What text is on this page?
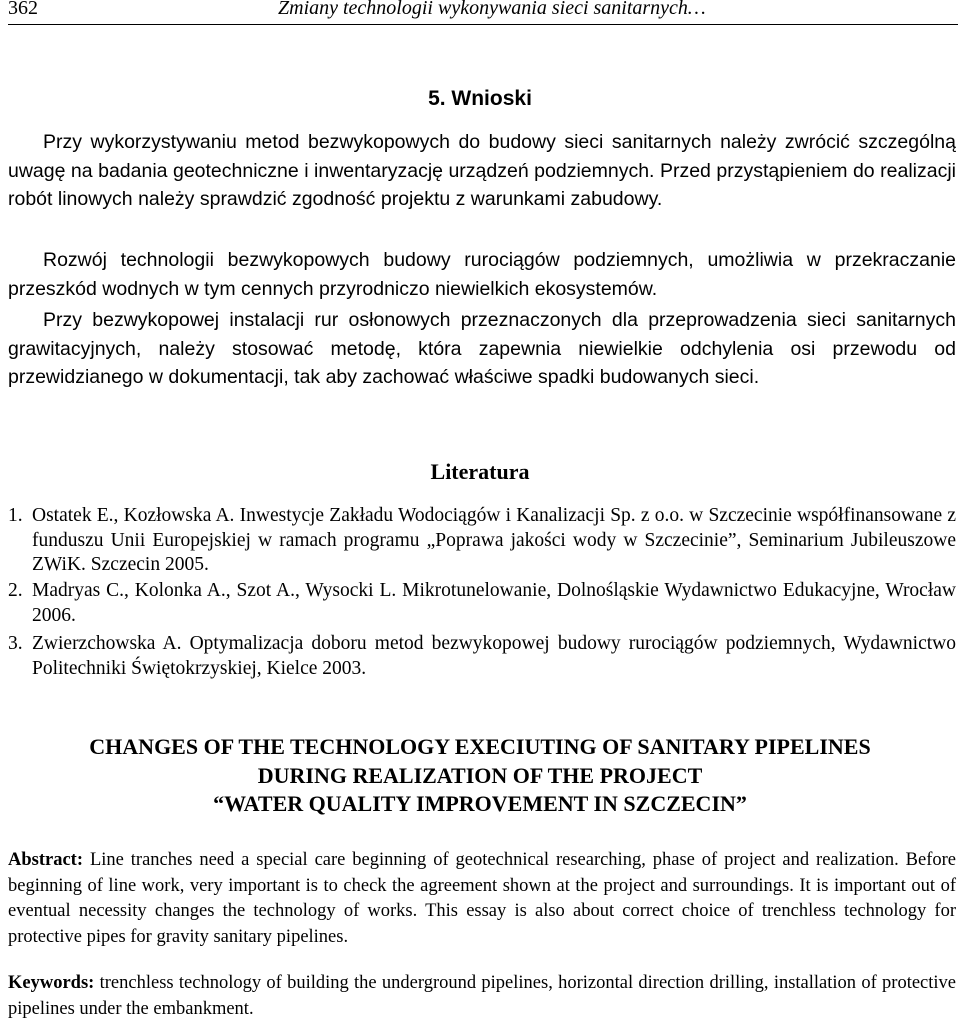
362	Zmiany technologii wykonywania sieci sanitarnych…
5. Wnioski
Przy wykorzystywaniu metod bezwykopowych do budowy sieci sanitarnych należy zwrócić szczególną uwagę na badania geotechniczne i inwentaryzację urządzeń podziemnych. Przed przystąpieniem do realizacji robót linowych należy sprawdzić zgodność projektu z warunkami zabudowy.
Rozwój technologii bezwykopowych budowy rurociągów podziemnych, umożliwia w przekraczanie przeszkód wodnych w tym cennych przyrodniczo niewielkich ekosystemów.
Przy bezwykopowej instalacji rur osłonowych przeznaczonych dla przeprowadzenia sieci sanitarnych grawitacyjnych, należy stosować metodę, która zapewnia niewielkie odchylenia osi przewodu od przewidzianego w dokumentacji, tak aby zachować właściwe spadki budowanych sieci.
Literatura
1. Ostatek E., Kozłowska A. Inwestycje Zakładu Wodociągów i Kanalizacji Sp. z o.o. w Szczecinie współfinansowane z funduszu Unii Europejskiej w ramach programu „Poprawa jakości wody w Szczecinie”, Seminarium Jubileuszowe ZWiK. Szczecin 2005.
2. Madryas C., Kolonka A., Szot A., Wysocki L. Mikrotunelowanie, Dolnośląskie Wydawnictwo Edukacyjne, Wrocław 2006.
3. Zwierzchowska A. Optymalizacja doboru metod bezwykopowej budowy rurociągów podziemnych, Wydawnictwo Politechniki Świętokrzyskiej, Kielce 2003.
CHANGES OF THE TECHNOLOGY EXECIUTING OF SANITARY PIPELINES
DURING REALIZATION OF THE PROJECT
“WATER QUALITY IMPROVEMENT IN SZCZECIN”
Abstract: Line tranches need a special care beginning of geotechnical researching, phase of project and realization. Before beginning of line work, very important is to check the agreement shown at the project and surroundings. It is important out of eventual necessity changes the technology of works. This essay is also about correct choice of trenchless technology for protective pipes for gravity sanitary pipelines.
Keywords: trenchless technology of building the underground pipelines, horizontal direction drilling, installation of protective pipelines under the embankment.
